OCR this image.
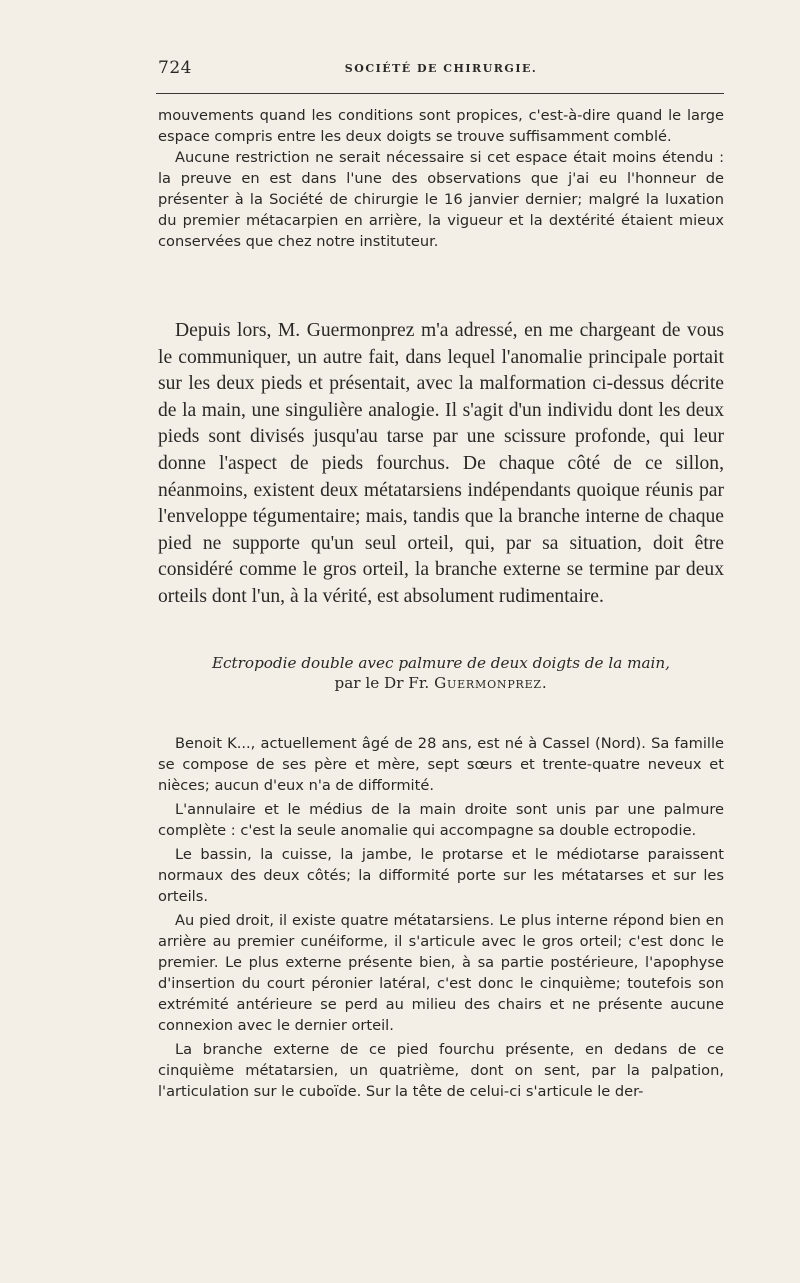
724	SOCIÉTÉ DE CHIRURGIE.

mouvements quand les conditions sont propices, c'est-à-dire quand le large espace compris entre les deux doigts se trouve suffisamment comblé.

Aucune restriction ne serait nécessaire si cet espace était moins étendu : la preuve en est dans l'une des observations que j'ai eu l'honneur de présenter à la Société de chirurgie le 16 janvier dernier; malgré la luxation du premier métacarpien en arrière, la vigueur et la dextérité étaient mieux conservées que chez notre instituteur.

Depuis lors, M. Guermonprez m'a adressé, en me chargeant de vous le communiquer, un autre fait, dans lequel l'anomalie principale portait sur les deux pieds et présentait, avec la malformation ci-dessus décrite de la main, une singulière analogie. Il s'agit d'un individu dont les deux pieds sont divisés jusqu'au tarse par une scissure profonde, qui leur donne l'aspect de pieds fourchus. De chaque côté de ce sillon, néanmoins, existent deux métatarsiens indépendants quoique réunis par l'enveloppe tégumentaire; mais, tandis que la branche interne de chaque pied ne supporte qu'un seul orteil, qui, par sa situation, doit être considéré comme le gros orteil, la branche externe se termine par deux orteils dont l'un, à la vérité, est absolument rudimentaire.

Ectropodie double avec palmure de deux doigts de la main,
par le Dr Fr. Guermonprez.

Benoit K..., actuellement âgé de 28 ans, est né à Cassel (Nord). Sa famille se compose de ses père et mère, sept sœurs et trente-quatre neveux et nièces; aucun d'eux n'a de difformité.

L'annulaire et le médius de la main droite sont unis par une palmure complète : c'est la seule anomalie qui accompagne sa double ectropodie.

Le bassin, la cuisse, la jambe, le protarse et le médiotarse paraissent normaux des deux côtés; la difformité porte sur les métatarses et sur les orteils.

Au pied droit, il existe quatre métatarsiens. Le plus interne répond bien en arrière au premier cunéiforme, il s'articule avec le gros orteil; c'est donc le premier. Le plus externe présente bien, à sa partie postérieure, l'apophyse d'insertion du court péronier latéral, c'est donc le cinquième; toutefois son extrémité antérieure se perd au milieu des chairs et ne présente aucune connexion avec le dernier orteil.

La branche externe de ce pied fourchu présente, en dedans de ce cinquième métatarsien, un quatrième, dont on sent, par la palpation, l'articulation sur le cuboïde. Sur la tête de celui-ci s'articule le der-
